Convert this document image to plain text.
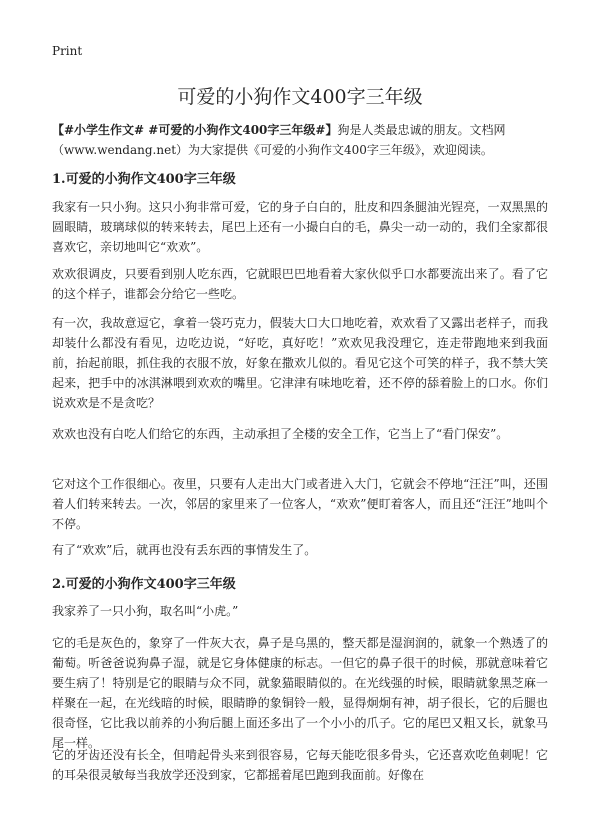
Print
可爱的小狗作文400字三年级

【#小学生作文# #可爱的小狗作文400字三年级#】狗是人类最忠诚的朋友。文档网（www.wendang.net）为大家提供《可爱的小狗作文400字三年级》，欢迎阅读。

1.可爱的小狗作文400字三年级

我家有一只小狗。这只小狗非常可爱，它的身子白白的，肚皮和四条腿油光锃亮，一双黑黑的圆眼睛，玻璃球似的转来转去，尾巴上还有一小撮白白的毛，鼻尖一动一动的，我们全家都很喜欢它，亲切地叫它“欢欢”。

欢欢很调皮，只要看到别人吃东西，它就眼巴巴地看着大家伙似乎口水都要流出来了。看了它的这个样子，谁都会分给它一些吃。

有一次，我故意逗它，拿着一袋巧克力，假装大口大口地吃着，欢欢看了又露出老样子，而我却装什么都没有看见，边吃边说，“好吃，真好吃！”欢欢见我没理它，连走带跑地来到我面前，抬起前眼，抓住我的衣服不放，好象在撒欢儿似的。看见它这个可笑的样子，我不禁大笑起来，把手中的冰淇淋喂到欢欢的嘴里。它津津有味地吃着，还不停的舔着脸上的口水。你们说欢欢是不是贪吃？

欢欢也没有白吃人们给它的东西，主动承担了全楼的安全工作，它当上了“看门保安”。

它对这个工作很细心。夜里，只要有人走出大门或者进入大门，它就会不停地“汪汪”叫，还围着人们转来转去。一次，邻居的家里来了一位客人，“欢欢”便盯着客人，而且还“汪汪”地叫个不停。

有了“欢欢”后，就再也没有丢东西的事情发生了。

2.可爱的小狗作文400字三年级

我家养了一只小狗，取名叫“小虎。”

它的毛是灰色的，象穿了一件灰大衣，鼻子是乌黑的，整天都是湿润润的，就象一个熟透了的葡萄。听爸爸说狗鼻子湿，就是它身体健康的标志。一但它的鼻子很干的时候，那就意味着它要生病了！特别是它的眼睛与众不同，就象猫眼睛似的。在光线强的时候，眼睛就象黑芝麻一样聚在一起，在光线暗的时候，眼睛睁的象铜铃一般，显得炯炯有神，胡子很长，它的后腿也很奇怪，它比我以前养的小狗后腿上面还多出了一个小小的爪子。它的尾巴又粗又长，就象马尾一样。

它的牙齿还没有长全，但啃起骨头来到很容易，它每天能吃很多骨头，它还喜欢吃鱼刺呢！它的耳朵很灵敏每当我放学还没到家，它都摇着尾巴跑到我面前。好像在
